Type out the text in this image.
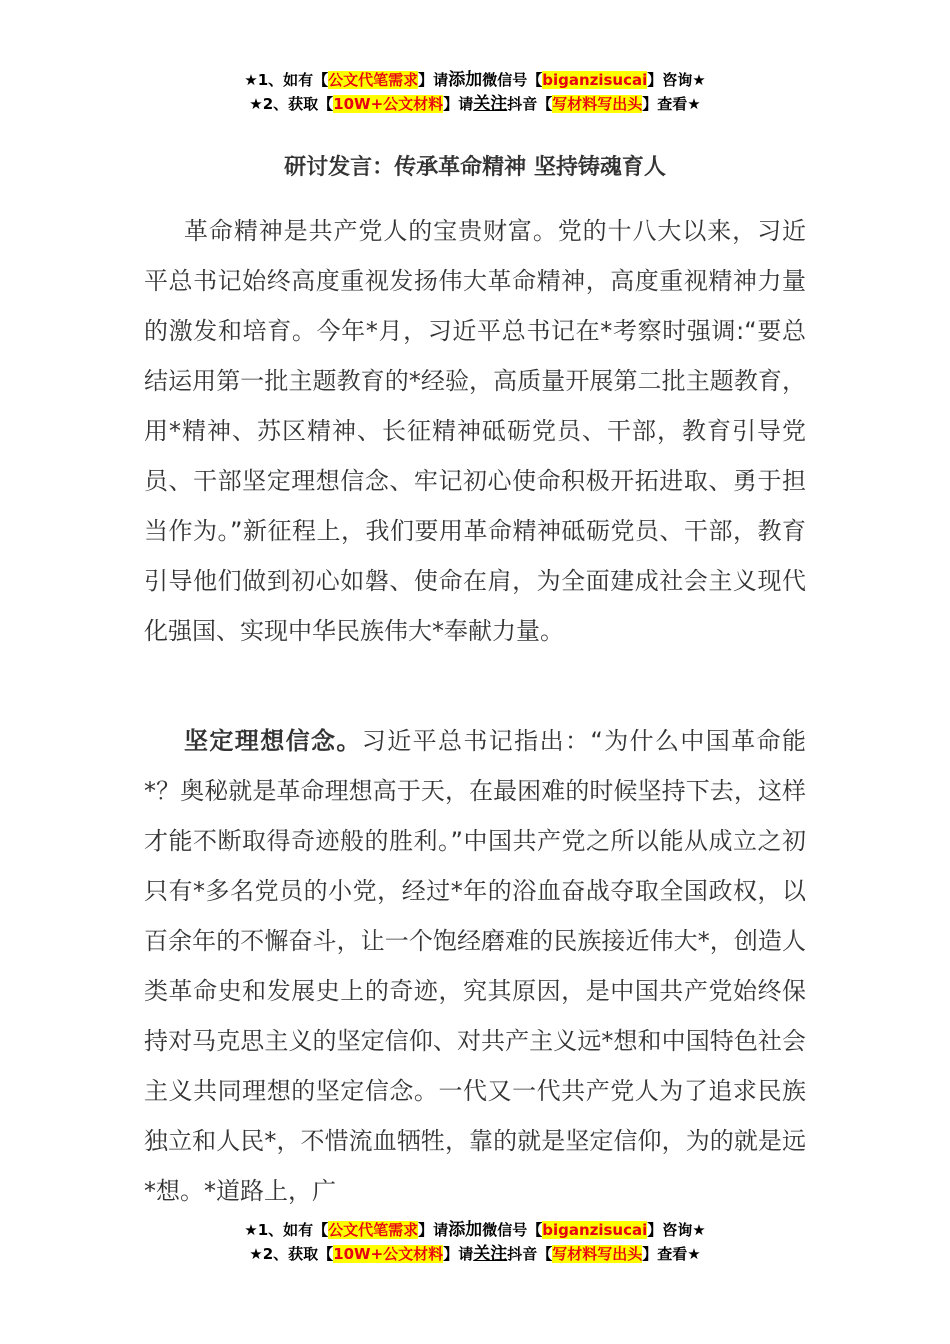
★1、如有【公文代笔需求】请添加微信号【biganzisucai】咨询★
★2、获取【10W+公文材料】请关注抖音【写材料写出头】查看★
研讨发言：传承革命精神 坚持铸魂育人

革命精神是共产党人的宝贵财富。党的十八大以来，习近平总书记始终高度重视发扬伟大革命精神，高度重视精神力量的激发和培育。今年*月，习近平总书记在*考察时强调:“要总结运用第一批主题教育的*经验，高质量开展第二批主题教育，用*精神、苏区精神、长征精神砥砺党员、干部，教育引导党员、干部坚定理想信念、牢记初心使命积极开拓进取、勇于担当作为。”新征程上，我们要用革命精神砥砺党员、干部，教育引导他们做到初心如磐、使命在肩，为全面建成社会主义现代化强国、实现中华民族伟大*奉献力量。

坚定理想信念。习近平总书记指出：“为什么中国革命能*？奥秘就是革命理想高于天，在最困难的时候坚持下去，这样才能不断取得奇迹般的胜利。”中国共产党之所以能从成立之初只有*多名党员的小党，经过*年的浴血奋战夺取全国政权，以百余年的不懈奋斗，让一个饱经磨难的民族接近伟大*，创造人类革命史和发展史上的奇迹，究其原因，是中国共产党始终保持对马克思主义的坚定信仰、对共产主义远*想和中国特色社会主义共同理想的坚定信念。一代又一代共产党人为了追求民族独立和人民*，不惜流血牺牲，靠的就是坚定信仰，为的就是远*想。*道路上，广

★1、如有【公文代笔需求】请添加微信号【biganzisucai】咨询★
★2、获取【10W+公文材料】请关注抖音【写材料写出头】查看★
